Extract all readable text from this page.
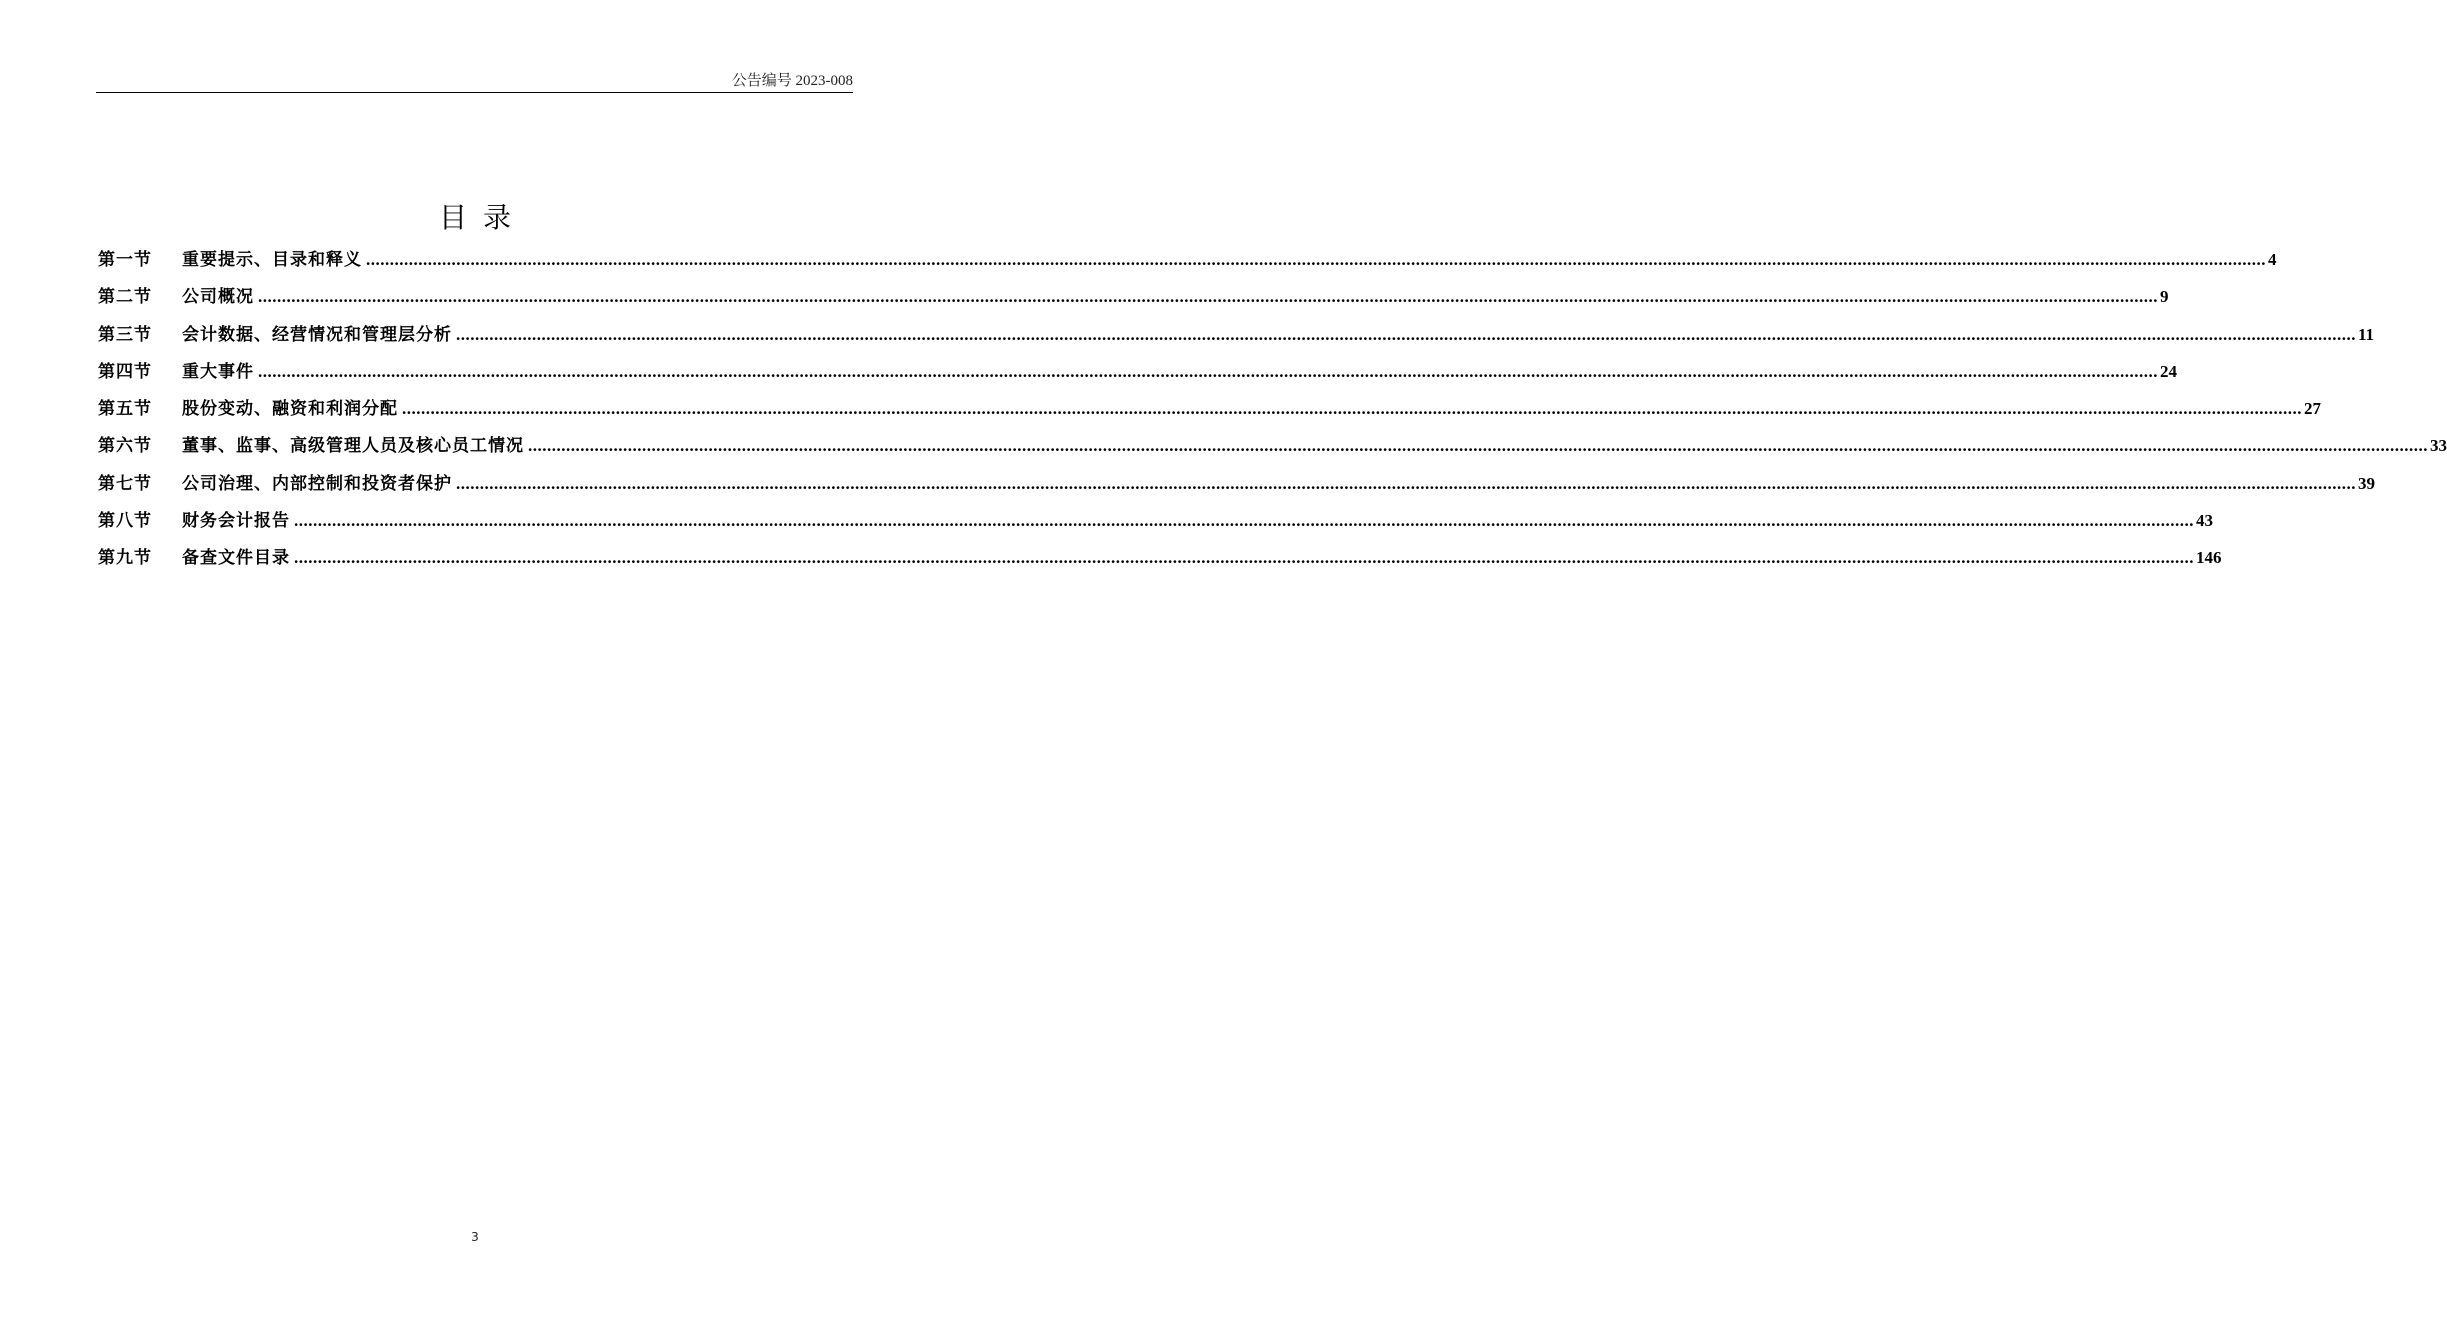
公告编号 2023-008
目录
第一节	重要提示、目录和释义 ................................................................................................................................................................................................................................................................................................................................................................................................................ 4
第二节	公司概况 ................................................................................................................................................................................................................................................................................................................................................................................................................ 9
第三节	会计数据、经营情况和管理层分析 ................................................................................................................................................................................................................................................................................................................................................................................................................ 11
第四节	重大事件 ................................................................................................................................................................................................................................................................................................................................................................................................................ 24
第五节	股份变动、融资和利润分配 ................................................................................................................................................................................................................................................................................................................................................................................................................ 27
第六节	董事、监事、高级管理人员及核心员工情况 ................................................................................................................................................................................................................................................................................................................................................................................................................ 33
第七节	公司治理、内部控制和投资者保护 ................................................................................................................................................................................................................................................................................................................................................................................................................ 39
第八节	财务会计报告 ................................................................................................................................................................................................................................................................................................................................................................................................................ 43
第九节	备查文件目录 ................................................................................................................................................................................................................................................................................................................................................................................................................ 146
3
